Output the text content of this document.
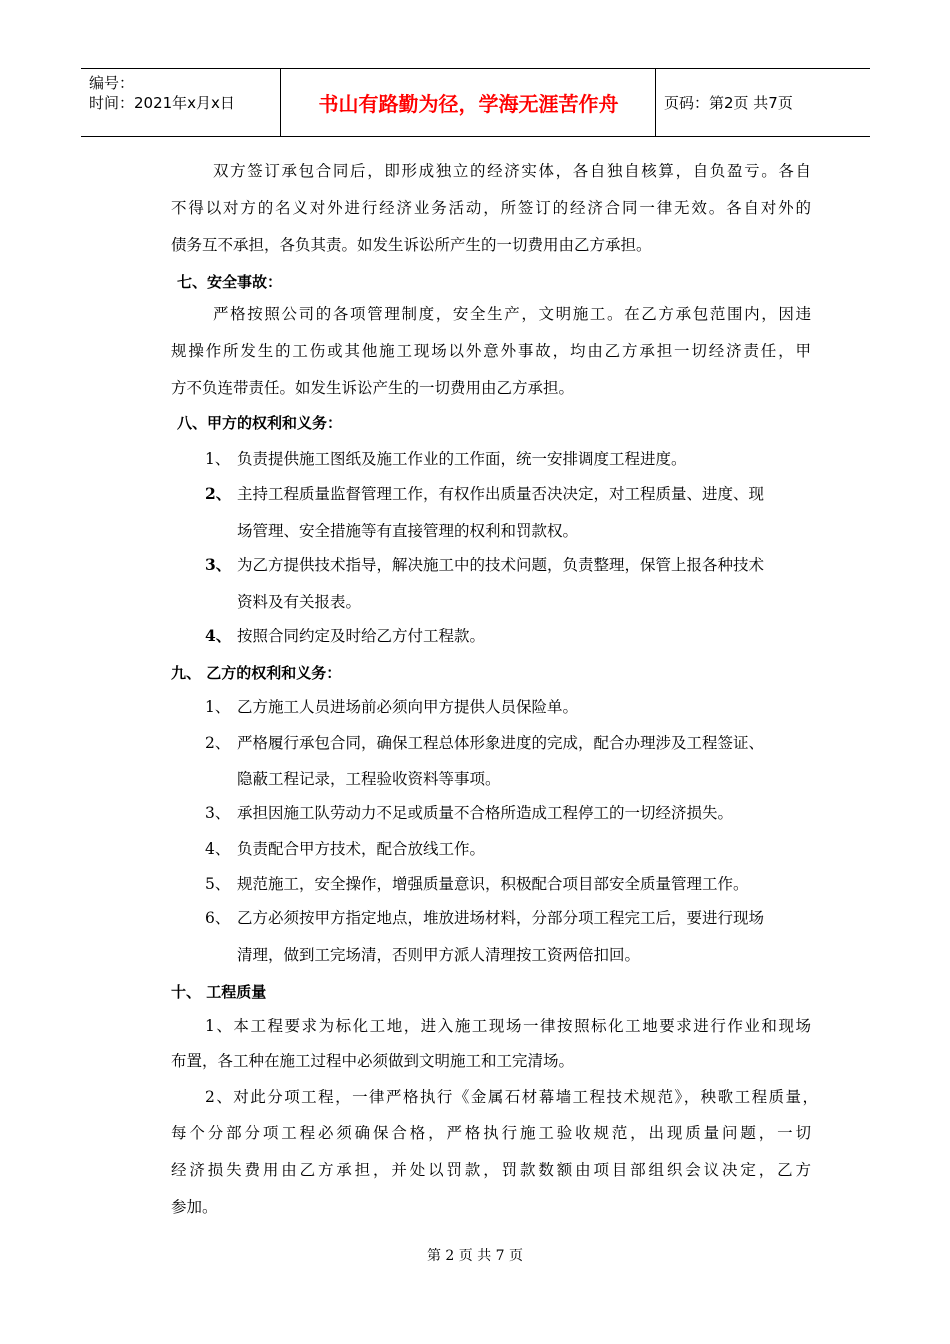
编号：
时间：2021年x月x日	书山有路勤为径，学海无涯苦作舟	页码：第2页 共7页
双方签订承包合同后，即形成独立的经济实体，各自独自核算，自负盈亏。各自
不得以对方的名义对外进行经济业务活动，所签订的经济合同一律无效。各自对外的
债务互不承担，各负其责。如发生诉讼所产生的一切费用由乙方承担。
七、安全事故：
严格按照公司的各项管理制度，安全生产，文明施工。在乙方承包范围内，因违
规操作所发生的工伤或其他施工现场以外意外事故，均由乙方承担一切经济责任，甲
方不负连带责任。如发生诉讼产生的一切费用由乙方承担。
八、甲方的权利和义务：
1、 负责提供施工图纸及施工作业的工作面，统一安排调度工程进度。
2、 主持工程质量监督管理工作，有权作出质量否决决定，对工程质量、进度、现
场管理、安全措施等有直接管理的权利和罚款权。
3、 为乙方提供技术指导，解决施工中的技术问题，负责整理，保管上报各种技术
资料及有关报表。
4、 按照合同约定及时给乙方付工程款。
九、 乙方的权利和义务：
1、 乙方施工人员进场前必须向甲方提供人员保险单。
2、 严格履行承包合同，确保工程总体形象进度的完成，配合办理涉及工程签证、
隐蔽工程记录，工程验收资料等事项。
3、 承担因施工队劳动力不足或质量不合格所造成工程停工的一切经济损失。
4、 负责配合甲方技术，配合放线工作。
5、 规范施工，安全操作，增强质量意识，积极配合项目部安全质量管理工作。
6、 乙方必须按甲方指定地点，堆放进场材料，分部分项工程完工后，要进行现场
清理，做到工完场清，否则甲方派人清理按工资两倍扣回。
十、 工程质量
1、本工程要求为标化工地，进入施工现场一律按照标化工地要求进行作业和现场
布置，各工种在施工过程中必须做到文明施工和工完清场。
2、对此分项工程，一律严格执行《金属石材幕墙工程技术规范》，秧歌工程质量，
每个分部分项工程必须确保合格，严格执行施工验收规范，出现质量问题，一切
经济损失费用由乙方承担，并处以罚款，罚款数额由项目部组织会议决定，乙方
参加。
第 2 页 共 7 页
